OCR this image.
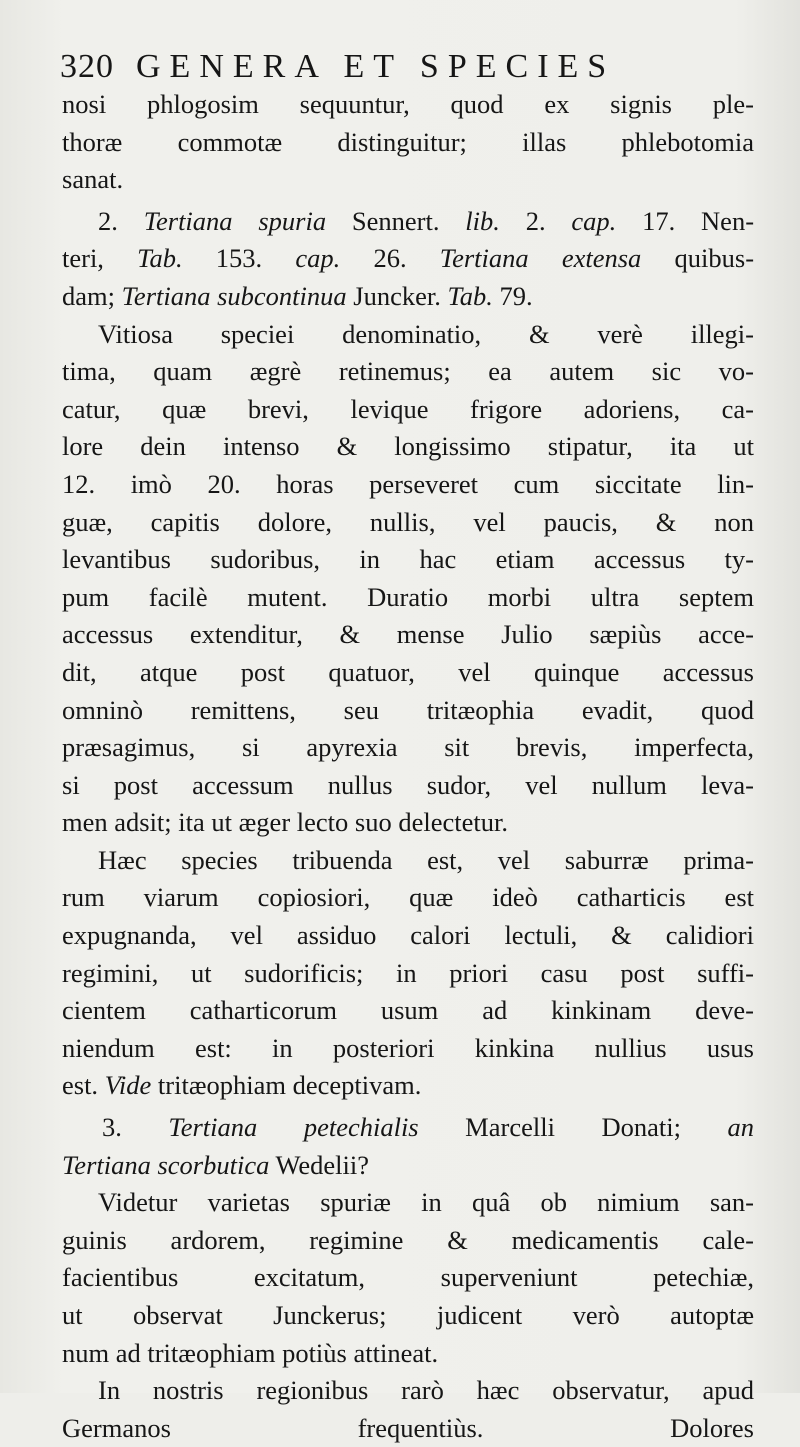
320 GENERA ET SPECIES
nosi phlogosim sequuntur, quod ex signis ple-
thoræ commotæ distinguitur; illas phlebotomia
sanat.
2. Tertiana spuria Sennert. lib. 2. cap. 17. Nen-
teri, Tab. 153. cap. 26. Tertiana extensa quibus-
dam; Tertiana subcontinua Juncker. Tab. 79.
Vitiosa speciei denominatio, & verè illegi-
tima, quam ægrè retinemus; ea autem sic vo-
catur, quæ brevi, levique frigore adoriens, ca-
lore dein intenso & longissimo stipatur, ita ut
12. imò 20. horas perseveret cum siccitate lin-
guæ, capitis dolore, nullis, vel paucis, & non
levantibus sudoribus, in hac etiam accessus ty-
pum facilè mutent. Duratio morbi ultra septem
accessus extenditur, & mense Julio sæpiùs acce-
dit, atque post quatuor, vel quinque accessus
omninò remittens, seu tritæophia evadit, quod
præsagimus, si apyrexia sit brevis, imperfecta,
si post accessum nullus sudor, vel nullum leva-
men adsit; ita ut æger lecto suo delectetur.
Hæc species tribuenda est, vel saburræ prima-
rum viarum copiosiori, quæ ideò catharticis est
expugnanda, vel assiduo calori lectuli, & calidiori
regimini, ut sudorificis; in priori casu post suffi-
cientem catharticorum usum ad kinkinam deve-
niendum est: in posteriori kinkina nullius usus
est. Vide tritæophiam deceptivam.
3. Tertiana petechialis Marcelli Donati; an
Tertiana scorbutica Wedelii?
Videtur varietas spuriæ in quâ ob nimium san-
guinis ardorem, regimine & medicamentis cale-
facientibus excitatum, superveniunt petechiæ,
ut observat Junckerus; judicent verò autoptæ
num ad tritæophiam potiùs attineat.
In nostris regionibus rarò hæc observatur, apud
Germanos frequentiùs.	Dolores
